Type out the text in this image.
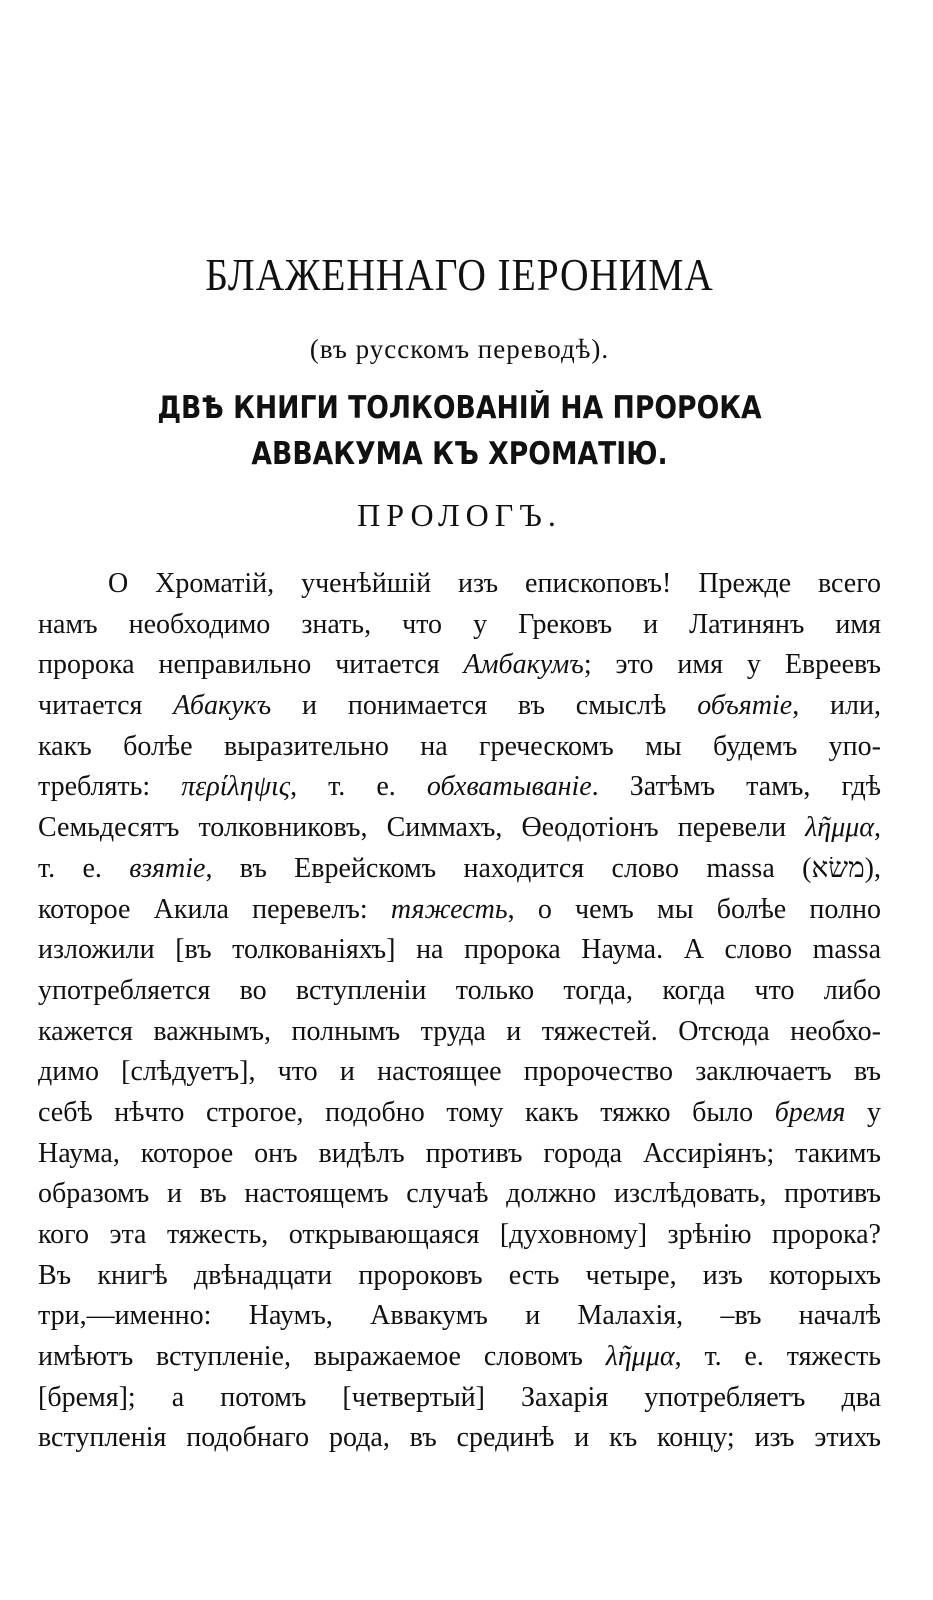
БЛАЖЕННАГО ІЕРОНИМА
(въ русскомъ переводѣ).
ДВѢ КНИГИ ТОЛКОВАНІЙ НА ПРОРОКА АВВАКУМА КЪ ХРОМАТІЮ.
ПРОЛОГЪ.
О Хроматій, ученѣйшій изъ епископовъ! Прежде всего
намъ необходимо знать, что у Грековъ и Латинянъ имя
пророка неправильно читается Амбакумъ; это имя у Евреевъ
читается Абакукъ и понимается въ смыслѣ объятіе, или,
какъ болѣе выразительно на греческомъ мы будемъ упо-
треблять: περίληψις, т. е. обхватываніе. Затѣмъ тамъ, гдѣ
Семьдесятъ толковниковъ, Симмахъ, Өеодотіонъ перевели λῆμμα,
т. е. взятіе, въ Еврейскомъ находится слово massa (משׂא),
которое Акила перевелъ: тяжесть, о чемъ мы болѣе полно
изложили [въ толкованіяхъ] на пророка Наума. А слово massa
употребляется во вступленіи только тогда, когда что либо
кажется важнымъ, полнымъ труда и тяжестей. Отсюда необхо-
димо [слѣдуетъ], что и настоящее пророчество заключаетъ въ
себѣ нѣчто строгое, подобно тому какъ тяжко было бремя у
Наума, которое онъ видѣлъ противъ города Ассиріянъ; такимъ
образомъ и въ настоящемъ случаѣ должно изслѣдовать, противъ
кого эта тяжесть, открывающаяся [духовному] зрѣнію пророка?
Въ книгѣ двѣнадцати пророковъ есть четыре, изъ которыхъ
три,—именно: Наумъ, Аввакумъ и Малахія, –въ началѣ
имѣютъ вступленіе, выражаемое словомъ λῆμμα, т. е. тяжесть
[бремя]; а потомъ [четвертый] Захарія употребляетъ два
вступленія подобнаго рода, въ срединѣ и къ концу; изъ этихъ
